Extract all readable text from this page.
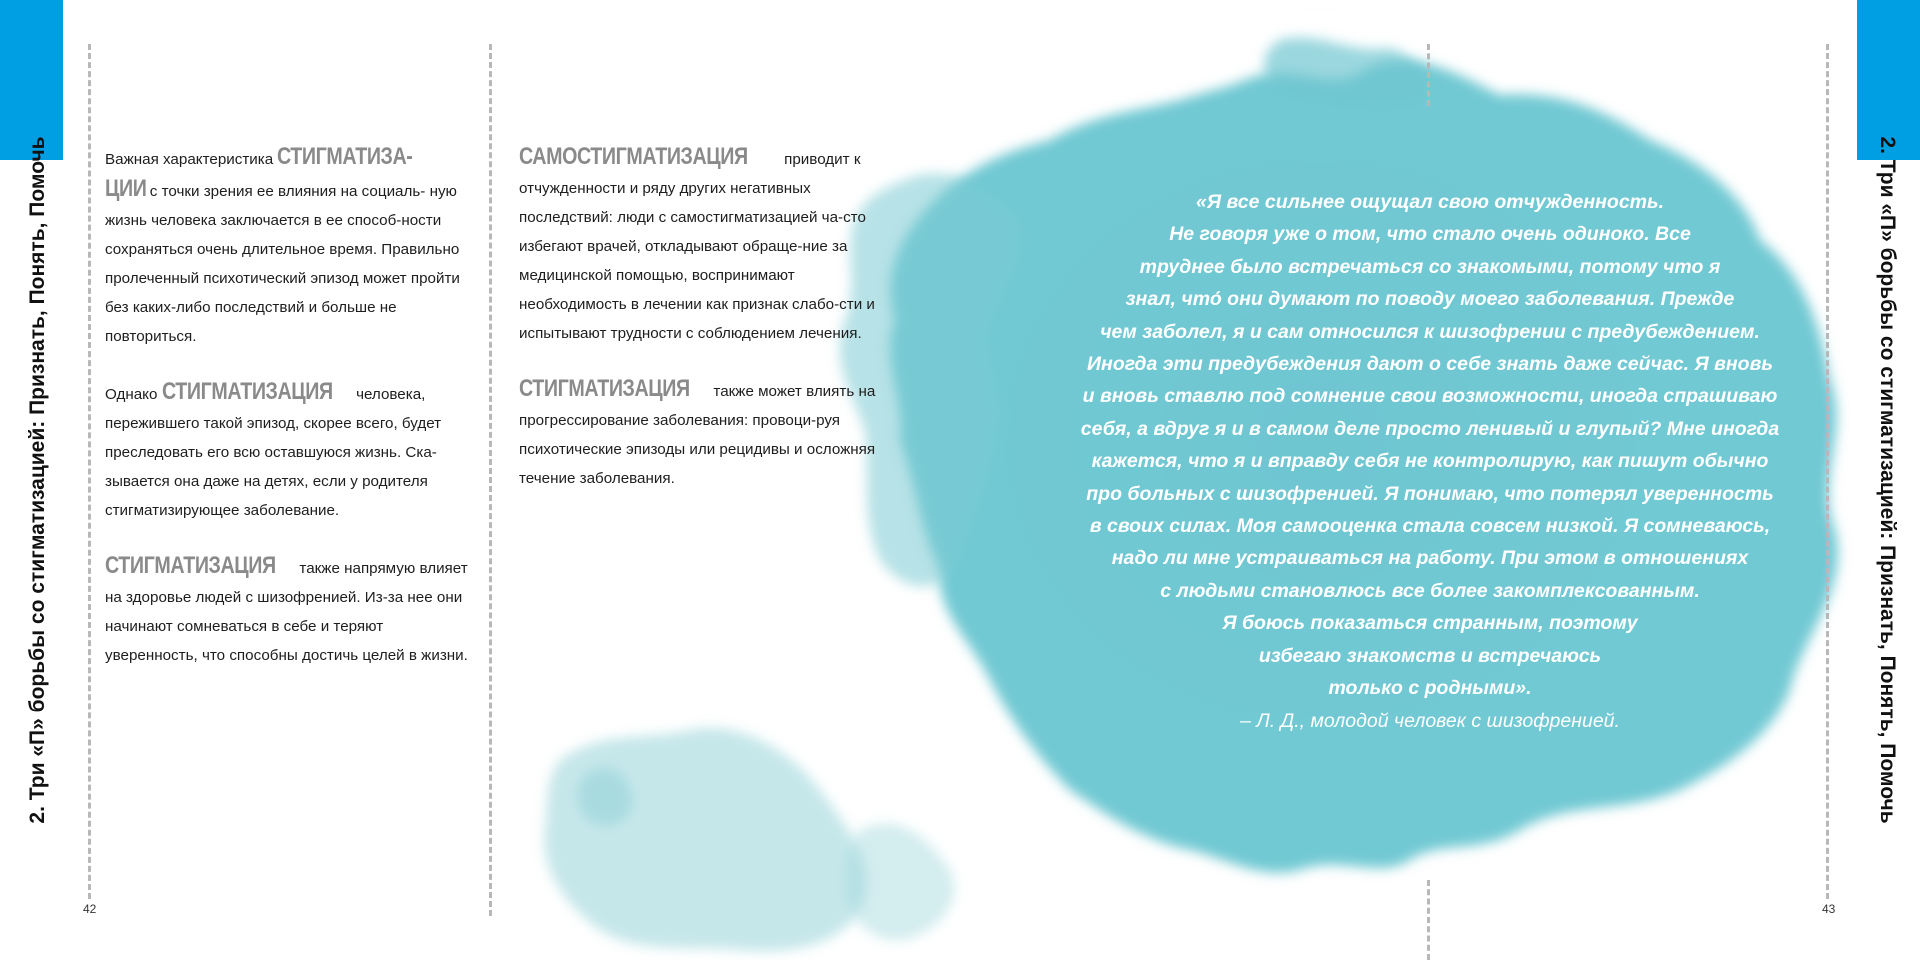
2. Три «П» борьбы со стигматизацией: Признать, Понять, Помочь	2. Три «П» борьбы со стигматизацией: Признать, Понять, Помочь
42	43

Важная характеристика СТИГМАТИЗА-
ЦИИ с точки зрения ее влияния на социаль- ную жизнь человека заключается в ее способ-ности сохраняться очень длительное время. Правильно пролеченный психотический эпизод может пройти без каких-либо последствий и больше не повториться.

Однако СТИГМАТИЗАЦИЯ человека, пережившего такой эпизод, скорее всего, будет преследовать его всю оставшуюся жизнь. Ска-зывается она даже на детях, если у родителя стигматизирующее заболевание.

СТИГМАТИЗАЦИЯ также напрямую влияет на здоровье людей с шизофренией. Из-за нее они начинают сомневаться в себе и теряют уверенность, что способны достичь целей в жизни.

САМОСТИГМАТИЗАЦИЯ приводит к отчужденности и ряду других негативных последствий: люди с самостигматизацией ча-сто избегают врачей, откладывают обраще-ние за медицинской помощью, воспринимают необходимость в лечении как признак слабо-сти и испытывают трудности с соблюдением лечения.

СТИГМАТИЗАЦИЯ также может влиять на прогрессирование заболевания: провоци-руя психотические эпизоды или рецидивы и осложняя течение заболевания.

«Я все сильнее ощущал свою отчужденность.
Не говоря уже о том, что стало очень одиноко. Все
труднее было встречаться со знакомыми, потому что я
знал, что́ они думают по поводу моего заболевания. Прежде
чем заболел, я и сам относился к шизофрении с предубеждением.
Иногда эти предубеждения дают о себе знать даже сейчас. Я вновь
и вновь ставлю под сомнение свои возможности, иногда спрашиваю
себя, а вдруг я и в самом деле просто ленивый и глупый? Мне иногда
кажется, что я и вправду себя не контролирую, как пишут обычно
про больных с шизофренией. Я понимаю, что потерял уверенность
в своих силах. Моя самооценка стала совсем низкой. Я сомневаюсь,
надо ли мне устраиваться на работу. При этом в отношениях
с людьми становлюсь все более закомплексованным.
Я боюсь показаться странным, поэтому
избегаю знакомств и встречаюсь
только с родными».
– Л. Д., молодой человек с шизофренией.
